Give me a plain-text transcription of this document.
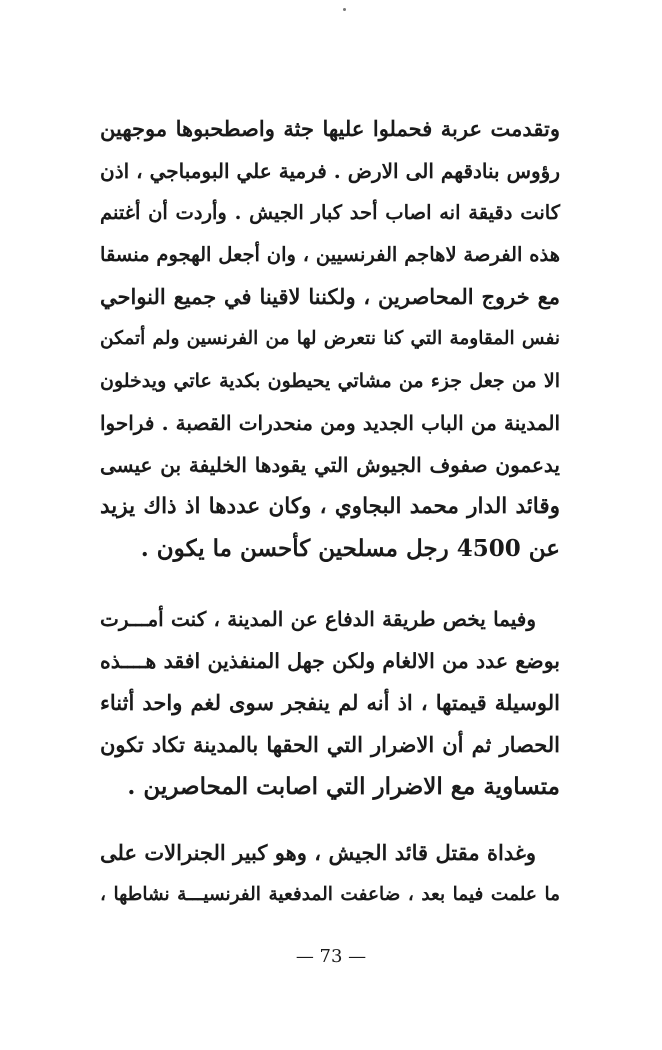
وتقدمت عربة فحملوا عليها جثة واصطحبوها موجهين
رؤوس بنادقهم الى الارض . فرمية علي البومباجي ، اذن
كانت دقيقة انه اصاب أحد كبار الجيش . وأردت أن أغتنم
هذه الفرصة لاهاجم الفرنسيين ، وان أجعل الهجوم منسقا
مع خروج المحاصرين ، ولكننا لاقينا في جميع النواحي
نفس المقاومة التي كنا نتعرض لها من الفرنسين ولم أتمكن
الا من جعل جزء من مشاتي يحيطون بكدية عاتي ويدخلون
المدينة من الباب الجديد ومن منحدرات القصبة . فراحوا
يدعمون صفوف الجيوش التي يقودها الخليفة بن عيسى
وقائد الدار محمد البجاوي ، وكان عددها اذ ذاك يزيد
عن 4500 رجل مسلحين كأحسن ما يكون .
وفيما يخص طريقة الدفاع عن المدينة ، كنت أمـــرت
بوضع عدد من الالغام ولكن جهل المنفذين افقد هــــذه
الوسيلة قيمتها ، اذ أنه لم ينفجر سوى لغم واحد أثناء
الحصار ثم أن الاضرار التي الحقها بالمدينة تكاد تكون
متساوية مع الاضرار التي اصابت المحاصرين .
وغداة مقتل قائد الجيش ، وهو كبير الجنرالات على
ما علمت فيما بعد ، ضاعفت المدفعية الفرنسيـــة نشاطها ،
— 73 —
